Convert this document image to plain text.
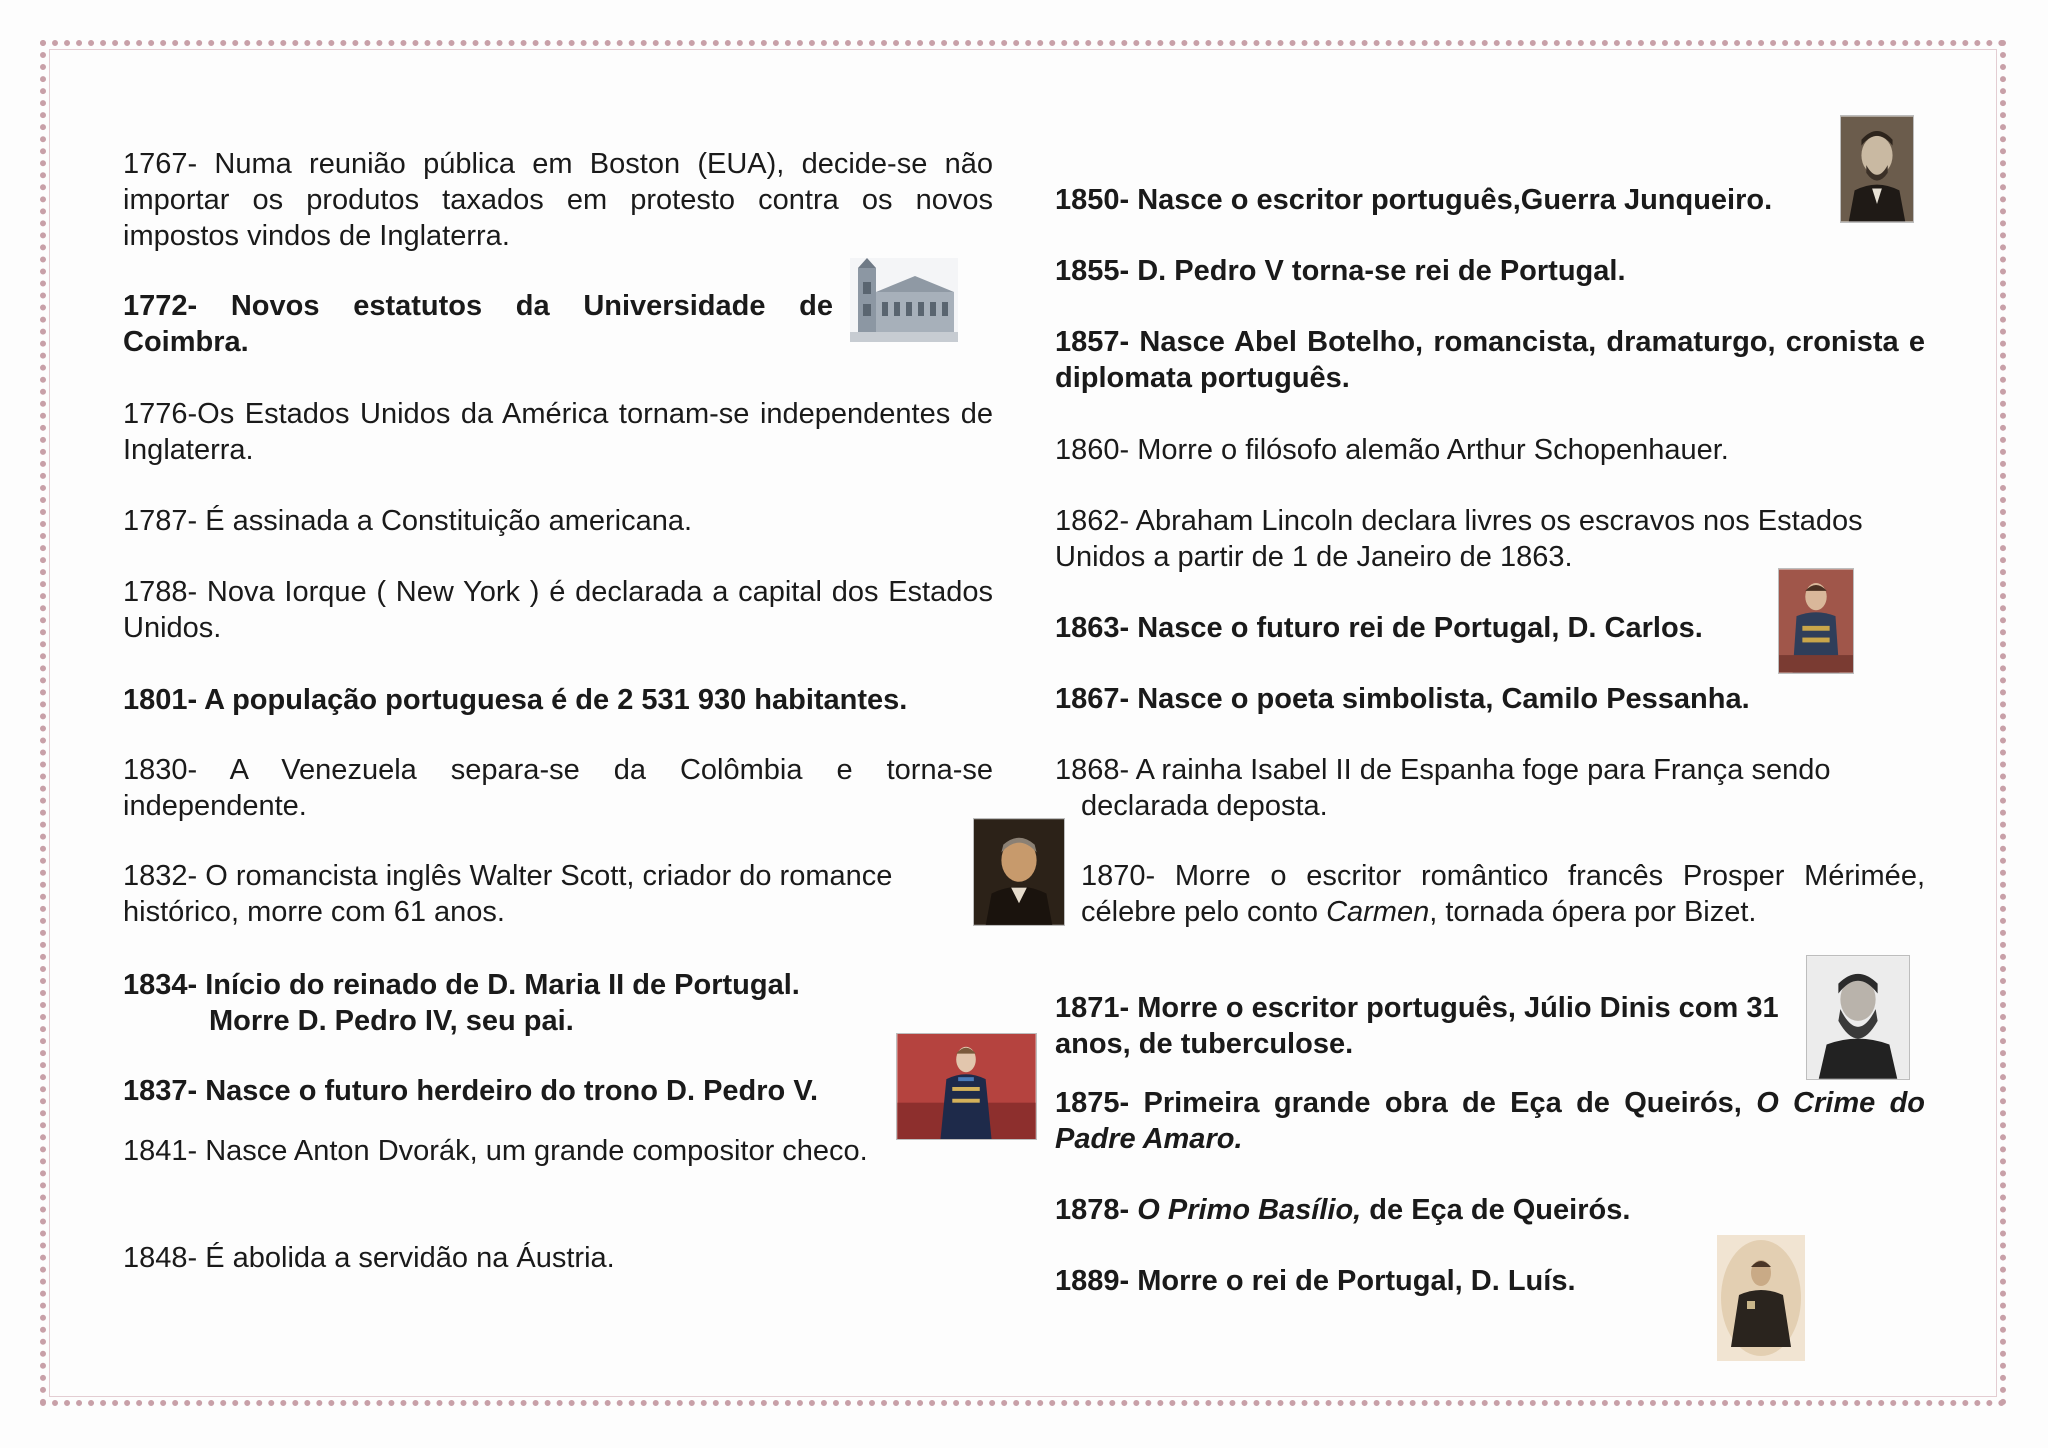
1767- Numa reunião pública em Boston (EUA), decide-se não importar os produtos taxados em protesto contra os novos impostos vindos de Inglaterra.

1772- Novos estatutos da Universidade de Coimbra.

1776-Os Estados Unidos da América tornam-se independentes de Inglaterra.

1787- É assinada a Constituição americana.

1788- Nova Iorque ( New York ) é declarada a capital dos Estados Unidos.

1801- A população portuguesa é de 2 531 930 habitantes.

1830- A Venezuela separa-se da Colômbia e torna-se independente.

1832- O romancista inglês Walter Scott, criador do romance histórico, morre com 61 anos.

1834- Início do reinado de D. Maria II de Portugal.
Morre D. Pedro IV, seu pai.

1837- Nasce o futuro herdeiro do trono D. Pedro V.

1841- Nasce Anton Dvorák, um grande compositor checo.

1848- É abolida a servidão na Áustria.

1850- Nasce o escritor português,Guerra Junqueiro.

1855- D. Pedro V torna-se rei de Portugal.

1857- Nasce Abel Botelho, romancista, dramaturgo, cronista e diplomata português.

1860- Morre o filósofo alemão Arthur Schopenhauer.

1862- Abraham Lincoln declara livres os escravos nos Estados Unidos a partir de 1 de Janeiro de 1863.

1863- Nasce o futuro rei de Portugal, D. Carlos.

1867- Nasce o poeta simbolista, Camilo Pessanha.

1868- A rainha Isabel II de Espanha foge para França sendo
declarada deposta.

1870- Morre o escritor romântico francês Prosper Mérimée, célebre pelo conto Carmen, tornada ópera por Bizet.

1871- Morre o escritor português, Júlio Dinis com 31 anos, de tuberculose.

1875- Primeira grande obra de Eça de Queirós, O Crime do Padre Amaro.

1878- O Primo Basílio, de Eça de Queirós.

1889- Morre o rei de Portugal, D. Luís.
